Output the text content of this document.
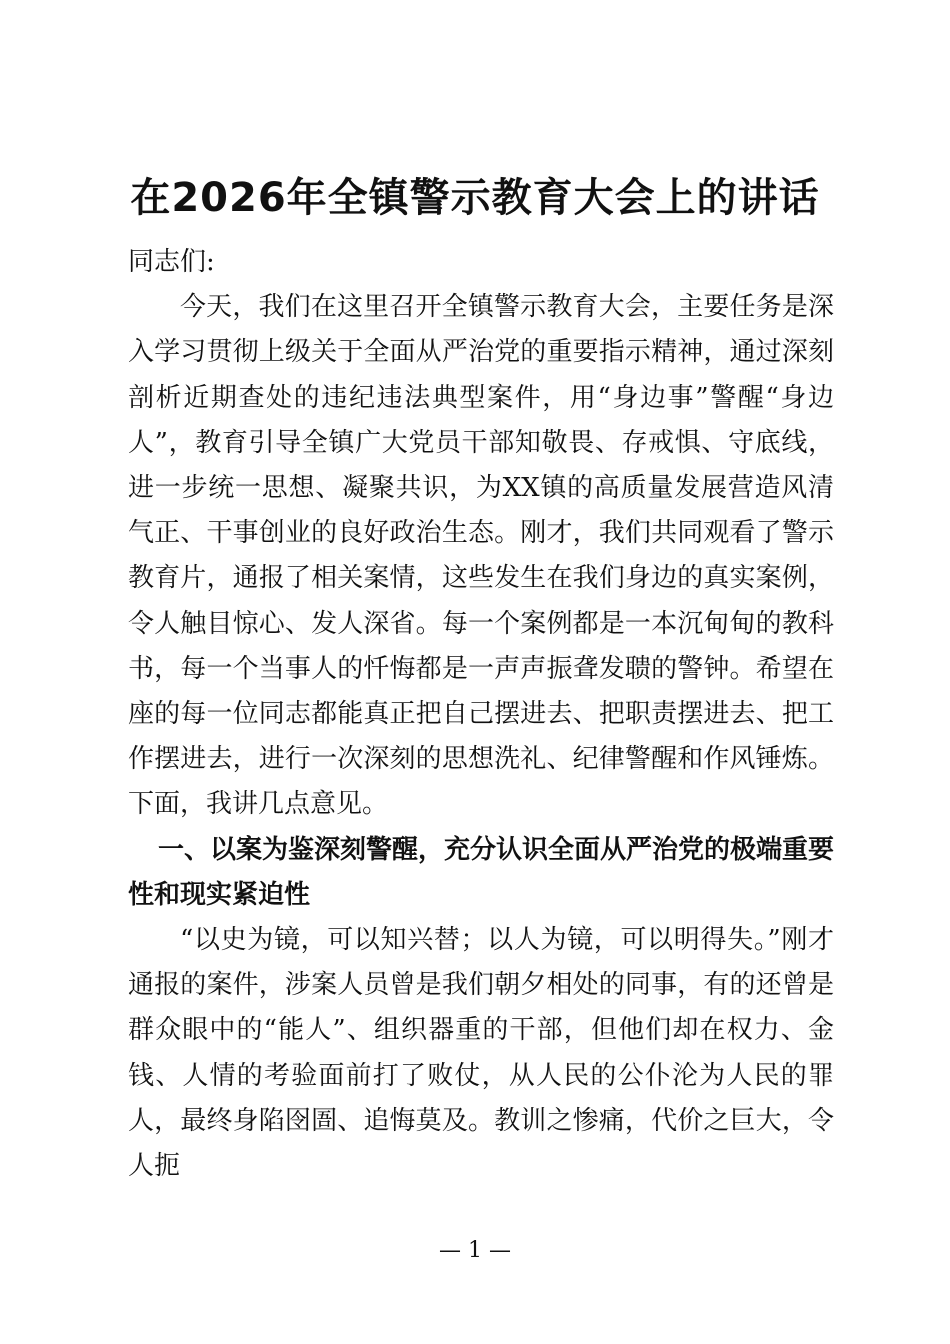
在2026年全镇警示教育大会上的讲话

同志们:

今天，我们在这里召开全镇警示教育大会，主要任务是深入学习贯彻上级关于全面从严治党的重要指示精神，通过深刻剖析近期查处的违纪违法典型案件，用“身边事”警醒“身边人”，教育引导全镇广大党员干部知敬畏、存戒惧、守底线，进一步统一思想、凝聚共识，为XX镇的高质量发展营造风清气正、干事创业的良好政治生态。刚才，我们共同观看了警示教育片，通报了相关案情，这些发生在我们身边的真实案例，令人触目惊心、发人深省。每一个案例都是一本沉甸甸的教科书，每一个当事人的忏悔都是一声声振聋发聩的警钟。希望在座的每一位同志都能真正把自己摆进去、把职责摆进去、把工作摆进去，进行一次深刻的思想洗礼、纪律警醒和作风锤炼。下面，我讲几点意见。

一、以案为鉴深刻警醒，充分认识全面从严治党的极端重要性和现实紧迫性

“以史为镜，可以知兴替；以人为镜，可以明得失。”刚才通报的案件，涉案人员曾是我们朝夕相处的同事，有的还曾是群众眼中的“能人”、组织器重的干部，但他们却在权力、金钱、人情的考验面前打了败仗，从人民的公仆沦为人民的罪人，最终身陷囹圄、追悔莫及。教训之惨痛，代价之巨大，令人扼

— 1 —
